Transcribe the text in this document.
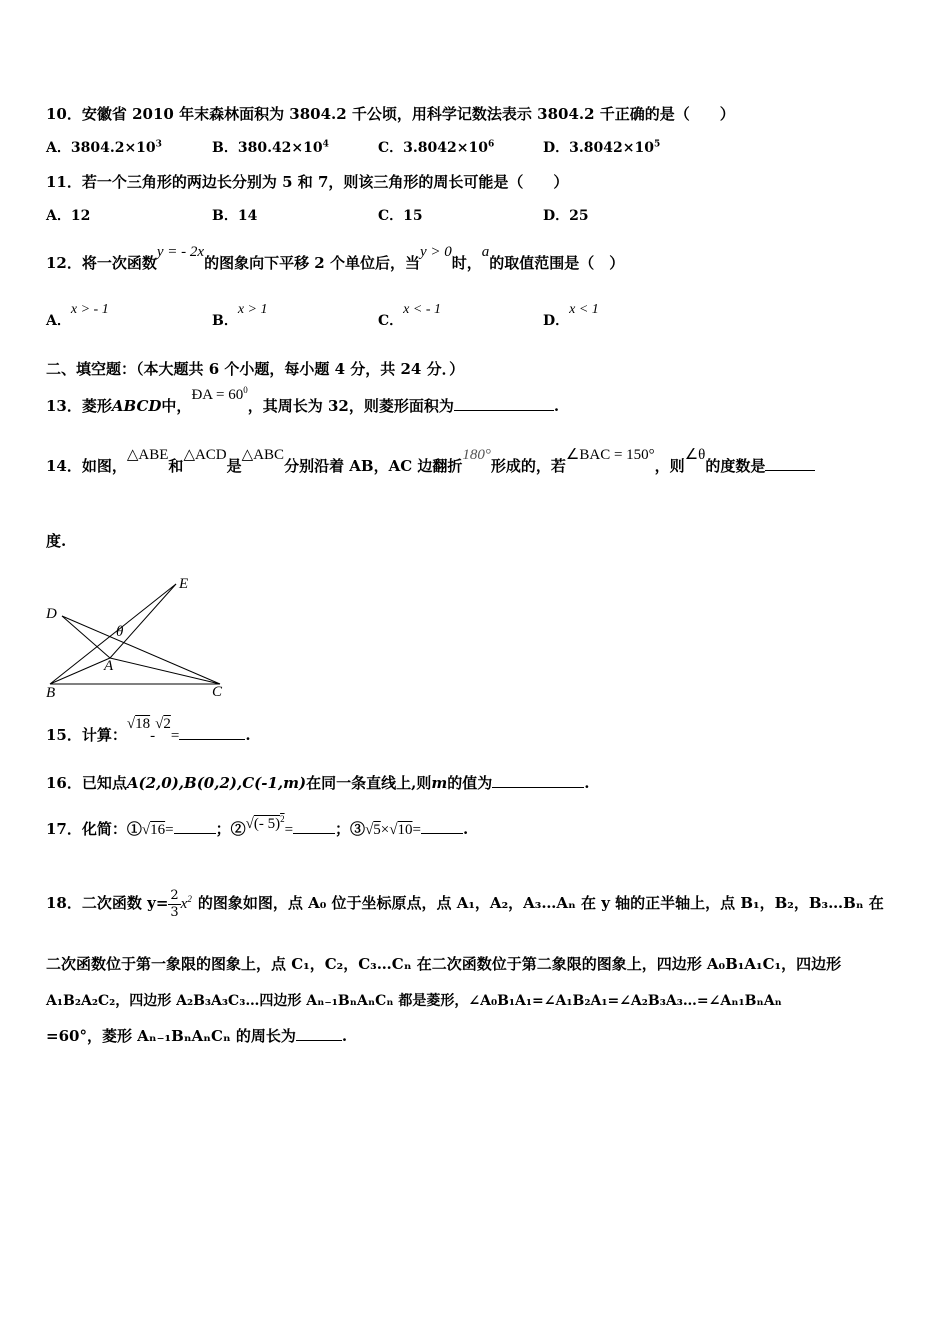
10．安徽省 2010 年末森林面积为 3804.2 千公顷，用科学记数法表示 3804.2 千正确的是（　　）
A．$3804.2\times 10^3$	B．$380.42\times 10^4$	C．$3.8042\times 10^6$	D．$3.8042\times 10^5$
11．若一个三角形的两边长分别为 5 和 7，则该三角形的周长可能是（　　）
A．12	B．14	C．15	D．25
12．将一次函数y = - 2x的图象向下平移 2 个单位后，当y > 0时，a的取值范围是（　）
A．x > - 1
B．x > 1
C．x < - 1
D．x < 1
二、填空题：（本大题共 6 个小题，每小题 4 分，共 24 分．）
13．菱形ABCD中，ÐA = $60^0$，其周长为 32，则菱形面积为	.
14．如图，△ABE和△ACD是△ABC分别沿着 AB，AC 边翻折180°形成的，若∠BAC = 150°，则∠θ的度数是
度.
D
E
θ
A
B	C
15．计算：√18-√2=	.
16．已知点A(2,0),B(0,2),C(-1,m)在同一条直线上,则m的值为	.
17．化简：①√16=	；②√(- 5)$^2$=	；③√5×√10=	.
18．二次函数 $y= \frac{2}{3} x^2$ 的图象如图，点 A₀ 位于坐标原点，点 A₁，A₂，A₃…Aₙ 在 y 轴的正半轴上，点 B₁，B₂，B₃…Bₙ 在
二次函数位于第一象限的图象上，点 C₁，C₂，C₃…Cₙ 在二次函数位于第二象限的图象上，四边形 A₀B₁A₁C₁，四边形
A₁B₂A₂C₂，四边形 A₂B₃A₃C₃…四边形 Aₙ₋₁BₙAₙCₙ 都是菱形，∠A₀B₁A₁=∠A₁B₂A₁=∠A₂B₃A₃…=∠Aₙ₁BₙAₙ
=60°，菱形 Aₙ₋₁BₙAₙCₙ 的周长为	.
